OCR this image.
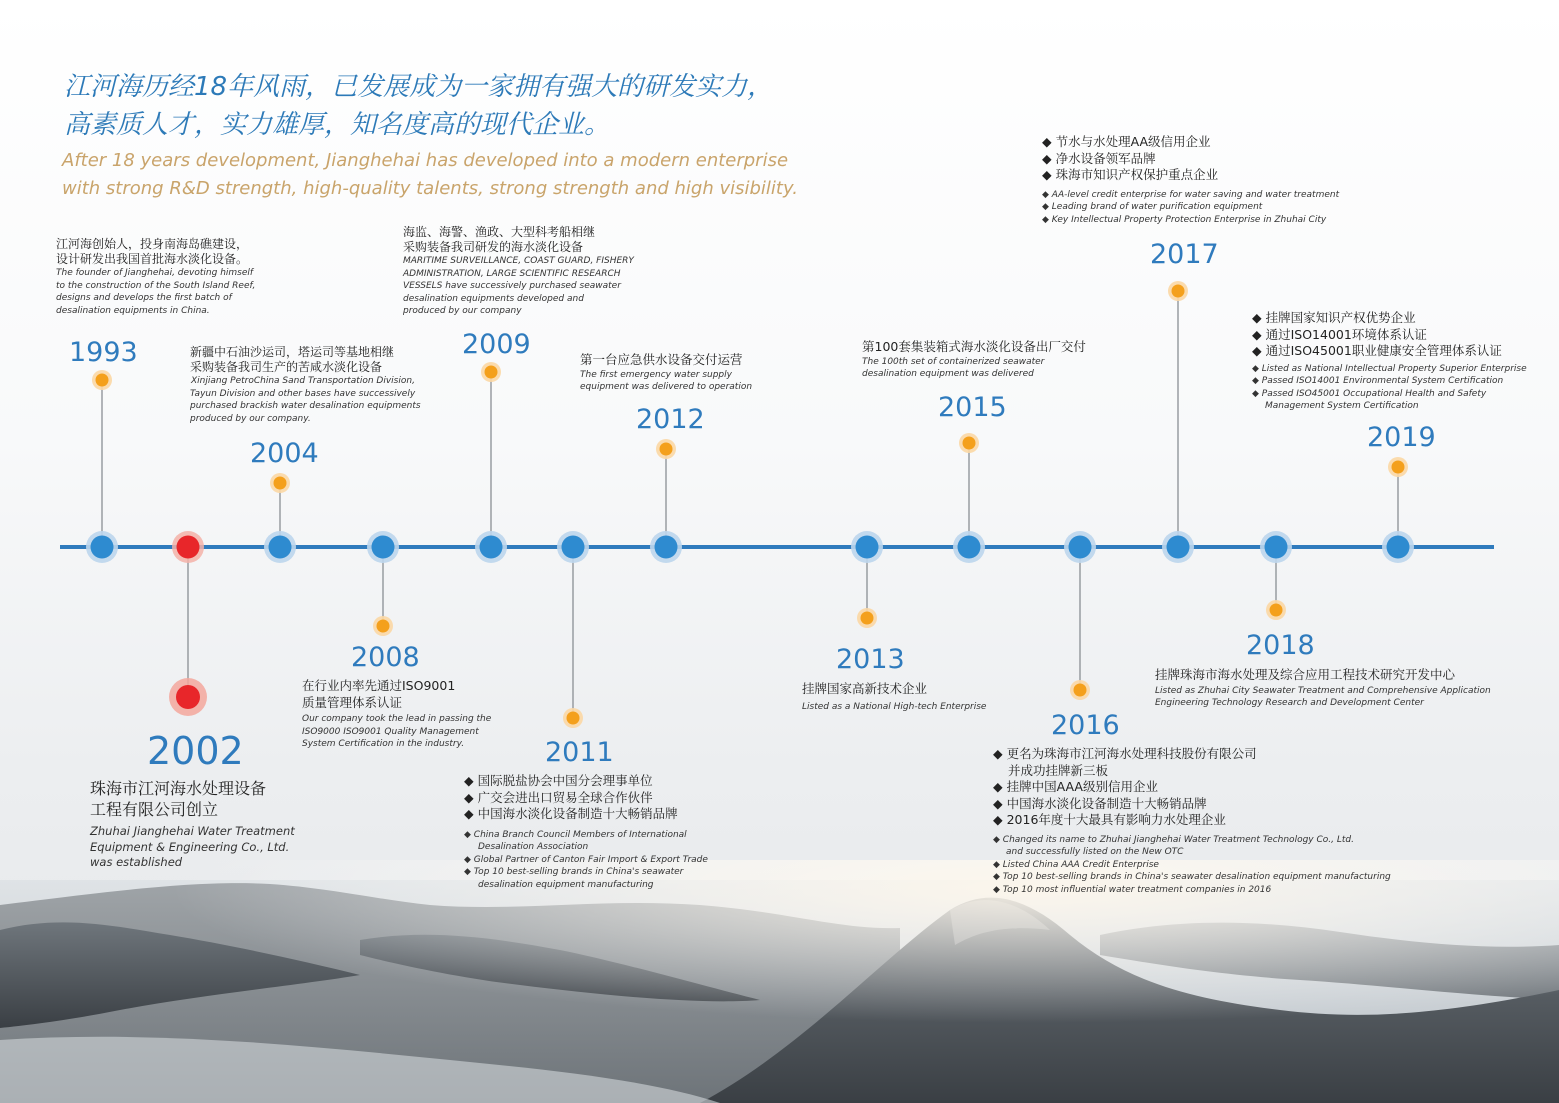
江河海历经18年风雨，已发展成为一家拥有强大的研发实力，
高素质人才，实力雄厚，知名度高的现代企业。
After 18 years development, Jianghehai has developed into a modern enterprise
with strong R&D strength, high-quality talents, strong strength and high visibility.
1993
江河海创始人，投身南海岛礁建设，
设计研发出我国首批海水淡化设备。
The founder of Jianghehai, devoting himself
to the construction of the South Island Reef,
designs and develops the first batch of
desalination equipments in China.
2002
珠海市江河海水处理设备
工程有限公司创立
Zhuhai Jianghehai Water Treatment
Equipment & Engineering Co., Ltd.
was established
2004
新疆中石油沙运司，塔运司等基地相继
采购装备我司生产的苦咸水淡化设备
Xinjiang PetroChina Sand Transportation Division,
Tayun Division and other bases have successively
purchased brackish water desalination equipments
produced by our company.
2008
在行业内率先通过ISO9001
质量管理体系认证
Our company took the lead in passing the
ISO9000 ISO9001 Quality Management
System Certification in the industry.
2009
海监、海警、渔政、大型科考船相继
采购装备我司研发的海水淡化设备
MARITIME SURVEILLANCE, COAST GUARD, FISHERY
ADMINISTRATION, LARGE SCIENTIFIC RESEARCH
VESSELS have successively purchased seawater
desalination equipments developed and
produced by our company
2011
◆ 国际脱盐协会中国分会理事单位
◆ 广交会进出口贸易全球合作伙伴
◆ 中国海水淡化设备制造十大畅销品牌
◆ China Branch Council Members of International
Desalination Association
◆ Global Partner of Canton Fair Import & Export Trade
◆ Top 10 best-selling brands in China's seawater
desalination equipment manufacturing
2012
第一台应急供水设备交付运营
The first emergency water supply
equipment was delivered to operation
2013
挂牌国家高新技术企业
Listed as a National High-tech Enterprise
2015
第100套集装箱式海水淡化设备出厂交付
The 100th set of containerized seawater
desalination equipment was delivered
2016
◆ 更名为珠海市江河海水处理科技股份有限公司
并成功挂牌新三板
◆ 挂牌中国AAA级别信用企业
◆ 中国海水淡化设备制造十大畅销品牌
◆ 2016年度十大最具有影响力水处理企业
◆ Changed its name to Zhuhai Jianghehai Water Treatment Technology Co., Ltd.
and successfully listed on the New OTC
◆ Listed China AAA Credit Enterprise
◆ Top 10 best-selling brands in China's seawater desalination equipment manufacturing
◆ Top 10 most influential water treatment companies in 2016
2017
◆ 节水与水处理AA级信用企业
◆ 净水设备领军品牌
◆ 珠海市知识产权保护重点企业
◆ AA-level credit enterprise for water saving and water treatment
◆ Leading brand of water purification equipment
◆ Key Intellectual Property Protection Enterprise in Zhuhai City
2018
挂牌珠海市海水处理及综合应用工程技术研究开发中心
Listed as Zhuhai City Seawater Treatment and Comprehensive Application
Engineering Technology Research and Development Center
2019
◆ 挂牌国家知识产权优势企业
◆ 通过ISO14001环境体系认证
◆ 通过ISO45001职业健康安全管理体系认证
◆ Listed as National Intellectual Property Superior Enterprise
◆ Passed ISO14001 Environmental System Certification
◆ Passed ISO45001 Occupational Health and Safety
Management System Certification
